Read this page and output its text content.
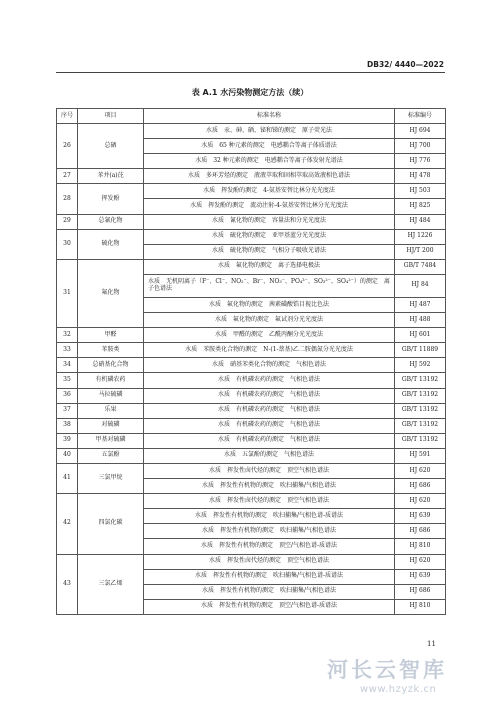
DB32/ 4440—2022
表 A.1 水污染物测定方法（续）
序号	项目	标准名称	标准编号
26	总硒	水质　汞、砷、硒、铋和锑的测定　原子荧光法	HJ 694
		水质　65 种元素的测定　电感耦合等离子体质谱法	HJ 700
		水质　32 种元素的测定　电感耦合等离子体发射光谱法	HJ 776
27	苯并(a)芘	水质　多环芳烃的测定　液液萃取和固相萃取高效液相色谱法	HJ 478
28	挥发酚	水质　挥发酚的测定　4-氨基安替比林分光光度法	HJ 503
		水质　挥发酚的测定　流动注射-4-氨基安替比林分光光度法	HJ 825
29	总氰化物	水质　氰化物的测定　容量法和分光光度法	HJ 484
30	硫化物	水质　硫化物的测定　亚甲基蓝分光光度法	HJ 1226
		水质　硫化物的测定　气相分子吸收光谱法	HJ/T 200
31	氟化物	水质　氟化物的测定　离子选择电极法	GB/T 7484
		水质　无机阴离子（F⁻、Cl⁻、NO₂⁻、Br⁻、NO₃⁻、PO₄³⁻、SO₃²⁻、SO₄²⁻）的测定　离子色谱法	HJ 84
		水质　氟化物的测定　茜素磺酸锆目视比色法	HJ 487
		水质　氟化物的测定　氟试剂分光光度法	HJ 488
32	甲醛	水质　甲醛的测定　乙酰丙酮分光光度法	HJ 601
33	苯胺类	水质　苯胺类化合物的测定　N-(1-萘基)乙二胺偶氮分光光度法	GB/T 11889
34	总硝基化合物	水质　硝基苯类化合物的测定　气相色谱法	HJ 592
35	有机磷农药	水质　有机磷农药的测定　气相色谱法	GB/T 13192
36	马拉硫磷	水质　有机磷农药的测定　气相色谱法	GB/T 13192
37	乐果	水质　有机磷农药的测定　气相色谱法	GB/T 13192
38	对硫磷	水质　有机磷农药的测定　气相色谱法	GB/T 13192
39	甲基对硫磷	水质　有机磷农药的测定　气相色谱法	GB/T 13192
40	五氯酚	水质　五氯酚的测定　气相色谱法	HJ 591
41	三氯甲烷	水质　挥发性卤代烃的测定　顶空气相色谱法	HJ 620
		水质　挥发性有机物的测定　吹扫捕集/气相色谱法	HJ 686
42	四氯化碳	水质　挥发性卤代烃的测定　顶空气相色谱法	HJ 620
		水质　挥发性有机物的测定　吹扫捕集/气相色谱-质谱法	HJ 639
		水质　挥发性有机物的测定　吹扫捕集/气相色谱法	HJ 686
		水质　挥发性有机物的测定　顶空/气相色谱-质谱法	HJ 810
43	三氯乙烯	水质　挥发性卤代烃的测定　顶空气相色谱法	HJ 620
		水质　挥发性有机物的测定　吹扫捕集/气相色谱-质谱法	HJ 639
		水质　挥发性有机物的测定　吹扫捕集/气相色谱法	HJ 686
		水质　挥发性有机物的测定　顶空/气相色谱-质谱法	HJ 810
11
河长云智库
www.hzyzk.cn
